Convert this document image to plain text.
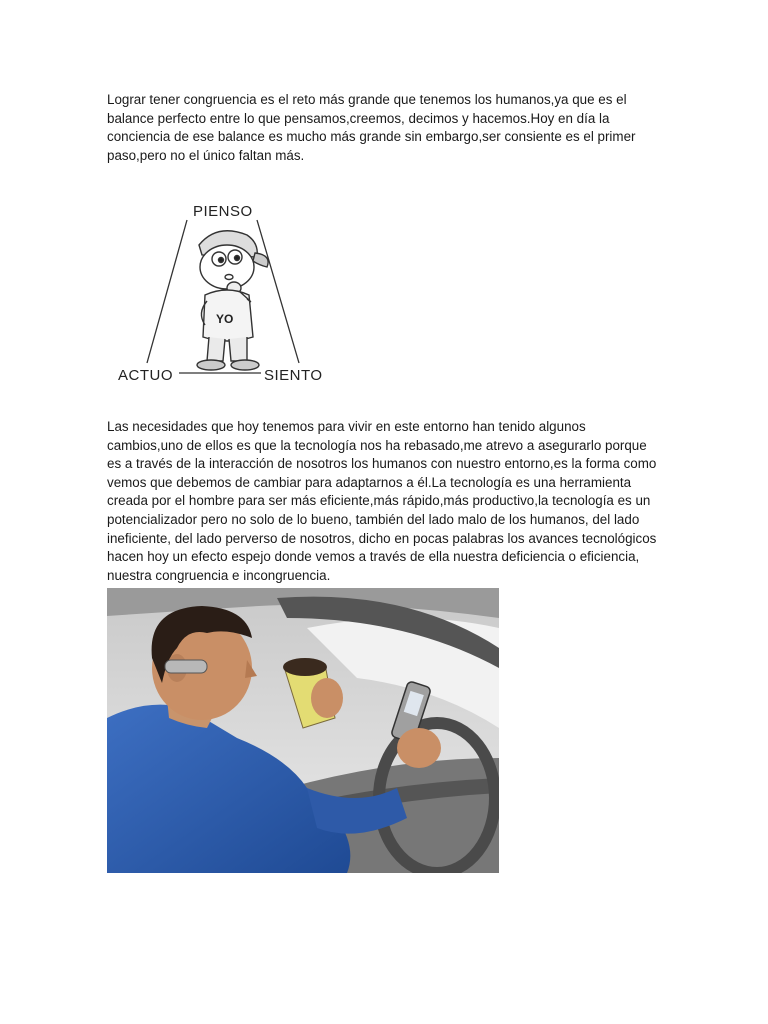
Lograr tener congruencia es el reto más grande que tenemos los humanos,ya que es el balance perfecto entre lo que pensamos,creemos, decimos y hacemos.Hoy en día la conciencia de ese balance es mucho más grande sin embargo,ser consiente es el primer paso,pero no el único faltan más.

PIENSO
ACTUO	SIENTO
YO

Las necesidades que hoy tenemos para vivir en este entorno han tenido algunos cambios,uno de ellos es que la tecnología nos ha rebasado,me atrevo a asegurarlo porque es a través de la interacción de nosotros los humanos con nuestro entorno,es la forma como vemos que debemos de cambiar para adaptarnos a él.La tecnología es una herramienta creada por el hombre para ser más eficiente,más rápido,más productivo,la tecnología es un potencializador pero no solo de lo bueno, también del lado malo de los humanos, del lado ineficiente, del lado perverso de nosotros, dicho en pocas palabras los avances tecnológicos hacen hoy un efecto espejo donde vemos a través de ella nuestra deficiencia o eficiencia, nuestra congruencia e incongruencia.
